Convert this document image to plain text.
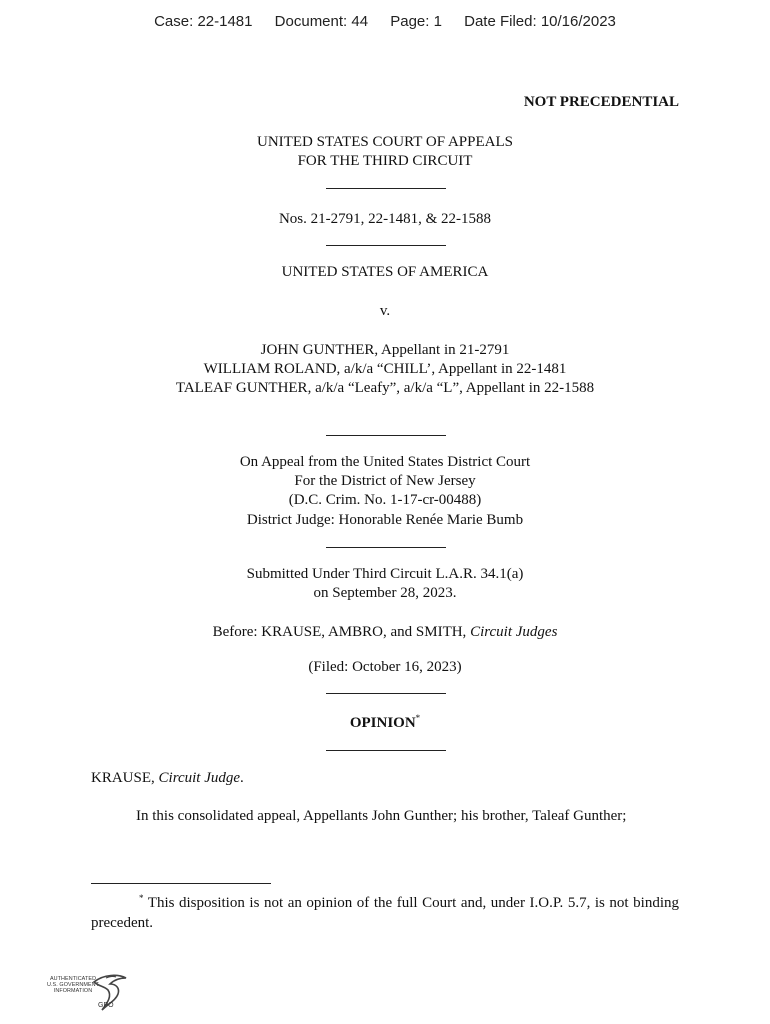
Case: 22-1481 Document: 44 Page: 1 Date Filed: 10/16/2023
NOT PRECEDENTIAL
UNITED STATES COURT OF APPEALS
FOR THE THIRD CIRCUIT
Nos. 21-2791, 22-1481, & 22-1588
UNITED STATES OF AMERICA
v.
JOHN GUNTHER, Appellant in 21-2791
WILLIAM ROLAND, a/k/a “CHILL’, Appellant in 22-1481
TALEAF GUNTHER, a/k/a “Leafy”, a/k/a “L”, Appellant in 22-1588
On Appeal from the United States District Court
For the District of New Jersey
(D.C. Crim. No. 1-17-cr-00488)
District Judge: Honorable Renée Marie Bumb
Submitted Under Third Circuit L.A.R. 34.1(a)
on September 28, 2023.
Before: KRAUSE, AMBRO, and SMITH, Circuit Judges
(Filed: October 16, 2023)
OPINION*
KRAUSE, Circuit Judge.
In this consolidated appeal, Appellants John Gunther; his brother, Taleaf Gunther;
* This disposition is not an opinion of the full Court and, under I.O.P. 5.7, is not binding precedent.
AUTHENTICATED
U.S. GOVERNMENT
INFORMATION
GPO
